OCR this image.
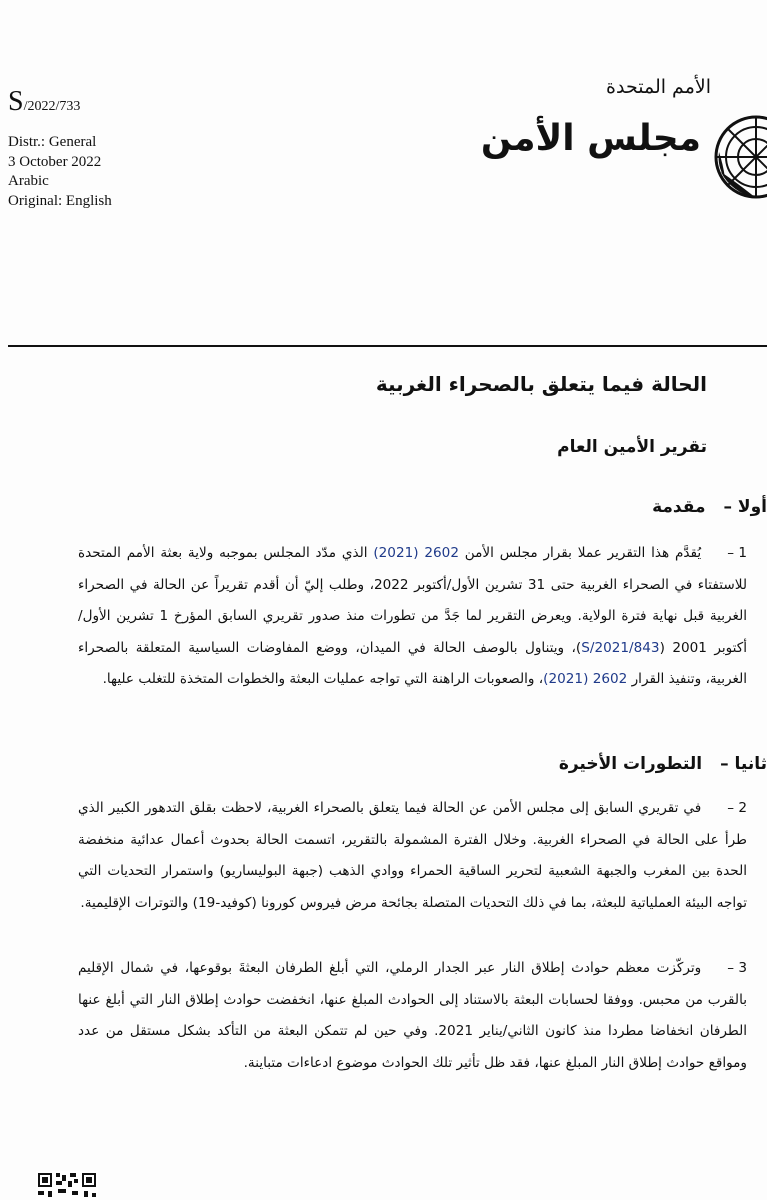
S/2022/733
الأمم المتحدة
Distr.: General
3 October 2022
Arabic
Original: English
مجلس الأمن
الحالة فيما يتعلق بالصحراء الغربية
تقرير الأمين العام
أولا –مقدمة
1 –يُقدَّم هذا التقرير عملا بقرار مجلس الأمن 2602 (2021) الذي مدّد المجلس بموجبه ولاية بعثة الأمم المتحدة للاستفتاء في الصحراء الغربية حتى 31 تشرين الأول/أكتوبر 2022، وطلب إليّ أن أقدم تقريراً عن الحالة في الصحراء الغربية قبل نهاية فترة الولاية. ويعرض التقرير لما جَدَّ من تطورات منذ صدور تقريري السابق المؤرخ 1 تشرين الأول/أكتوبر 2001 (S/2021/843)، ويتناول بالوصف الحالة في الميدان، ووضع المفاوضات السياسية المتعلقة بالصحراء الغربية، وتنفيذ القرار 2602 (2021)، والصعوبات الراهنة التي تواجه عمليات البعثة والخطوات المتخذة للتغلب عليها.
ثانيا –التطورات الأخيرة
2 –في تقريري السابق إلى مجلس الأمن عن الحالة فيما يتعلق بالصحراء الغربية، لاحظت بقلق التدهور الكبير الذي طرأ على الحالة في الصحراء الغربية. وخلال الفترة المشمولة بالتقرير، اتسمت الحالة بحدوث أعمال عدائية منخفضة الحدة بين المغرب والجبهة الشعبية لتحرير الساقية الحمراء ووادي الذهب (جبهة البوليساريو) واستمرار التحديات التي تواجه البيئة العملياتية للبعثة، بما في ذلك التحديات المتصلة بجائحة مرض فيروس كورونا (كوفيد-19) والتوترات الإقليمية.
3 –وتركّزت معظم حوادث إطلاق النار عبر الجدار الرملي، التي أبلغ الطرفان البعثةَ بوقوعها، في شمال الإقليم بالقرب من محبس. ووفقا لحسابات البعثة بالاستناد إلى الحوادث المبلغ عنها، انخفضت حوادث إطلاق النار التي أبلغ عنها الطرفان انخفاضا مطردا منذ كانون الثاني/يناير 2021. وفي حين لم تتمكن البعثة من التأكد بشكل مستقل من عدد ومواقع حوادث إطلاق النار المبلغ عنها، فقد ظل تأثير تلك الحوادث موضوع ادعاءات متباينة.
